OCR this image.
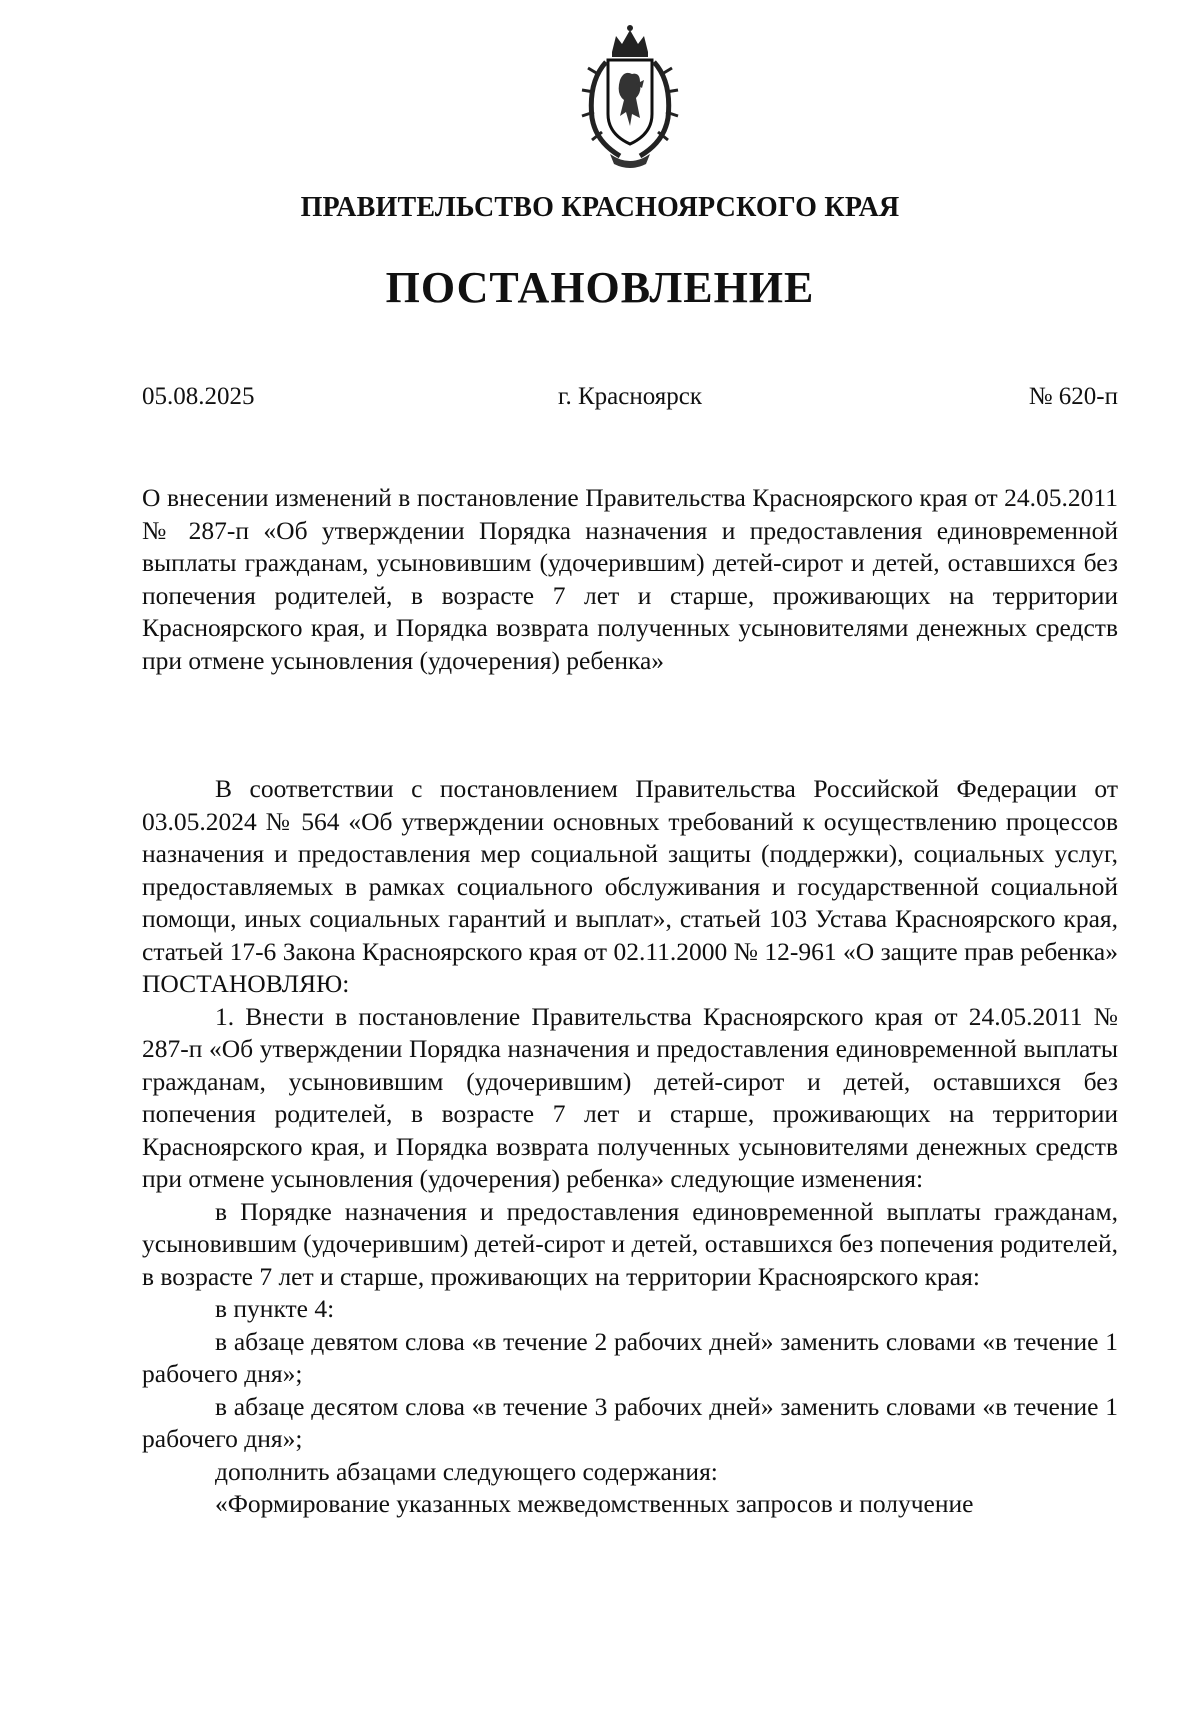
ПРАВИТЕЛЬСТВО КРАСНОЯРСКОГО КРАЯ
ПОСТАНОВЛЕНИЕ
05.08.2025	г. Красноярск	№ 620-п

О внесении изменений в постановление Правительства Красноярского края от 24.05.2011 № 287-п «Об утверждении Порядка назначения и предоставления единовременной выплаты гражданам, усыновившим (удочерившим) детей-сирот и детей, оставшихся без попечения родителей, в возрасте 7 лет и старше, проживающих на территории Красноярского края, и Порядка возврата полученных усыновителями денежных средств при отмене усыновления (удочерения) ребенка»

В соответствии с постановлением Правительства Российской Федерации от 03.05.2024 № 564 «Об утверждении основных требований к осуществлению процессов назначения и предоставления мер социальной защиты (поддержки), социальных услуг, предоставляемых в рамках социального обслуживания и государственной социальной помощи, иных социальных гарантий и выплат», статьей 103 Устава Красноярского края, статьей 17-6 Закона Красноярского края от 02.11.2000 № 12-961 «О защите прав ребенка» ПОСТАНОВЛЯЮ:

1. Внести в постановление Правительства Красноярского края от 24.05.2011 № 287-п «Об утверждении Порядка назначения и предоставления единовременной выплаты гражданам, усыновившим (удочерившим) детей-сирот и детей, оставшихся без попечения родителей, в возрасте 7 лет и старше, проживающих на территории Красноярского края, и Порядка возврата полученных усыновителями денежных средств при отмене усыновления (удочерения) ребенка» следующие изменения:

в Порядке назначения и предоставления единовременной выплаты гражданам, усыновившим (удочерившим) детей-сирот и детей, оставшихся без попечения родителей, в возрасте 7 лет и старше, проживающих на территории Красноярского края:

в пункте 4:

в абзаце девятом слова «в течение 2 рабочих дней» заменить словами «в течение 1 рабочего дня»;

в абзаце десятом слова «в течение 3 рабочих дней» заменить словами «в течение 1 рабочего дня»;

дополнить абзацами следующего содержания:

«Формирование указанных межведомственных запросов и получение
